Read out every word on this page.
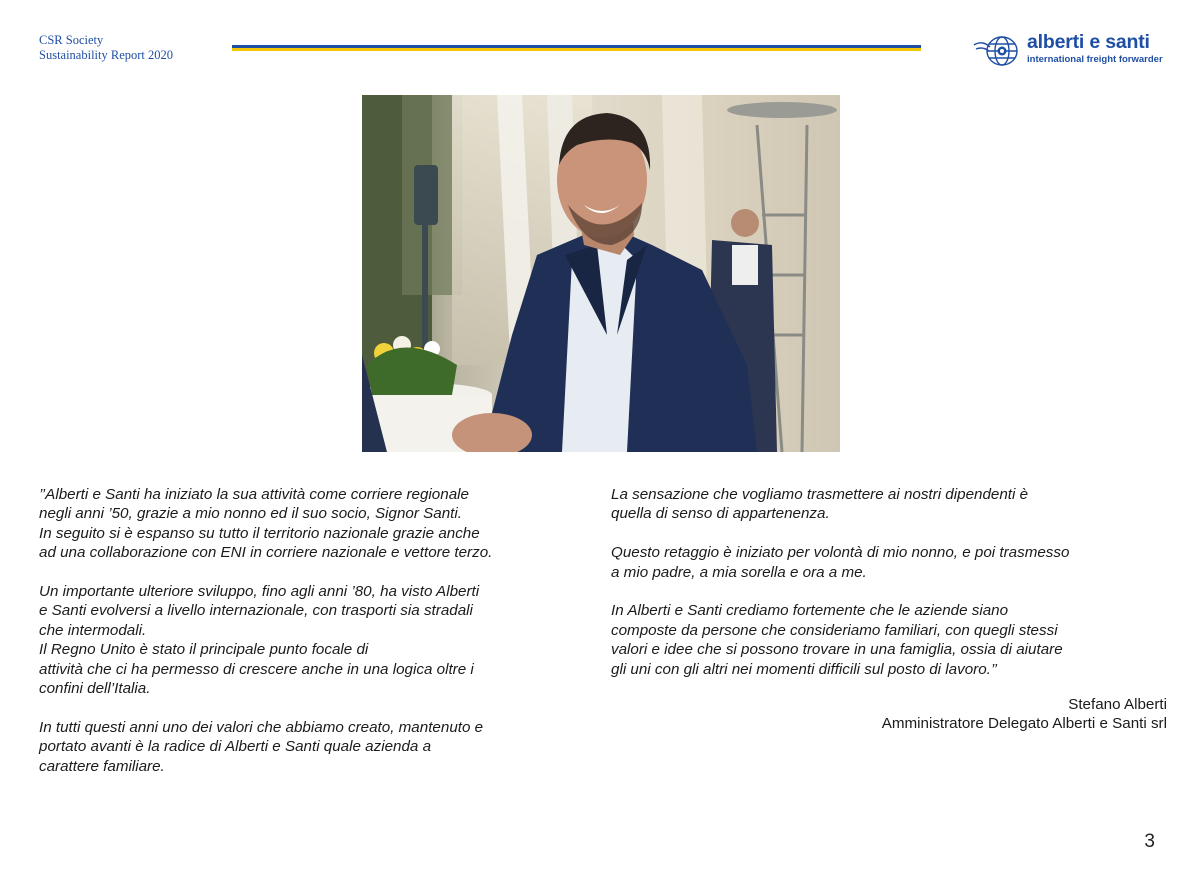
CSR Society
Sustainability Report 2020
alberti e santi
international freight forwarder

’’Alberti e Santi ha iniziato la sua attività come corriere regionale
negli anni ’50, grazie a mio nonno ed il suo socio, Signor Santi.
In seguito si è espanso su tutto il territorio nazionale grazie anche
ad una collaborazione con ENI in corriere nazionale e vettore terzo.

Un importante ulteriore sviluppo, fino agli anni ’80, ha visto Alberti
e Santi evolversi a livello internazionale, con trasporti sia stradali
che intermodali.
Il Regno Unito è stato il principale punto focale di
attività che ci ha permesso di crescere anche in una logica oltre i
confini dell’Italia.

In tutti questi anni uno dei valori che abbiamo creato, mantenuto e
portato avanti è la radice di Alberti e Santi quale azienda a
carattere familiare.

La sensazione che vogliamo trasmettere ai nostri dipendenti è
quella di senso di appartenenza.

Questo retaggio è iniziato per volontà di mio nonno, e poi trasmesso
a mio padre, a mia sorella e ora a me.

In Alberti e Santi crediamo fortemente che le aziende siano
composte da persone che consideriamo familiari, con quegli stessi
valori e idee che si possono trovare in una famiglia, ossia di aiutare
gli uni con gli altri nei momenti difficili sul posto di lavoro.’’

Stefano Alberti
Amministratore Delegato Alberti e Santi srl
3
